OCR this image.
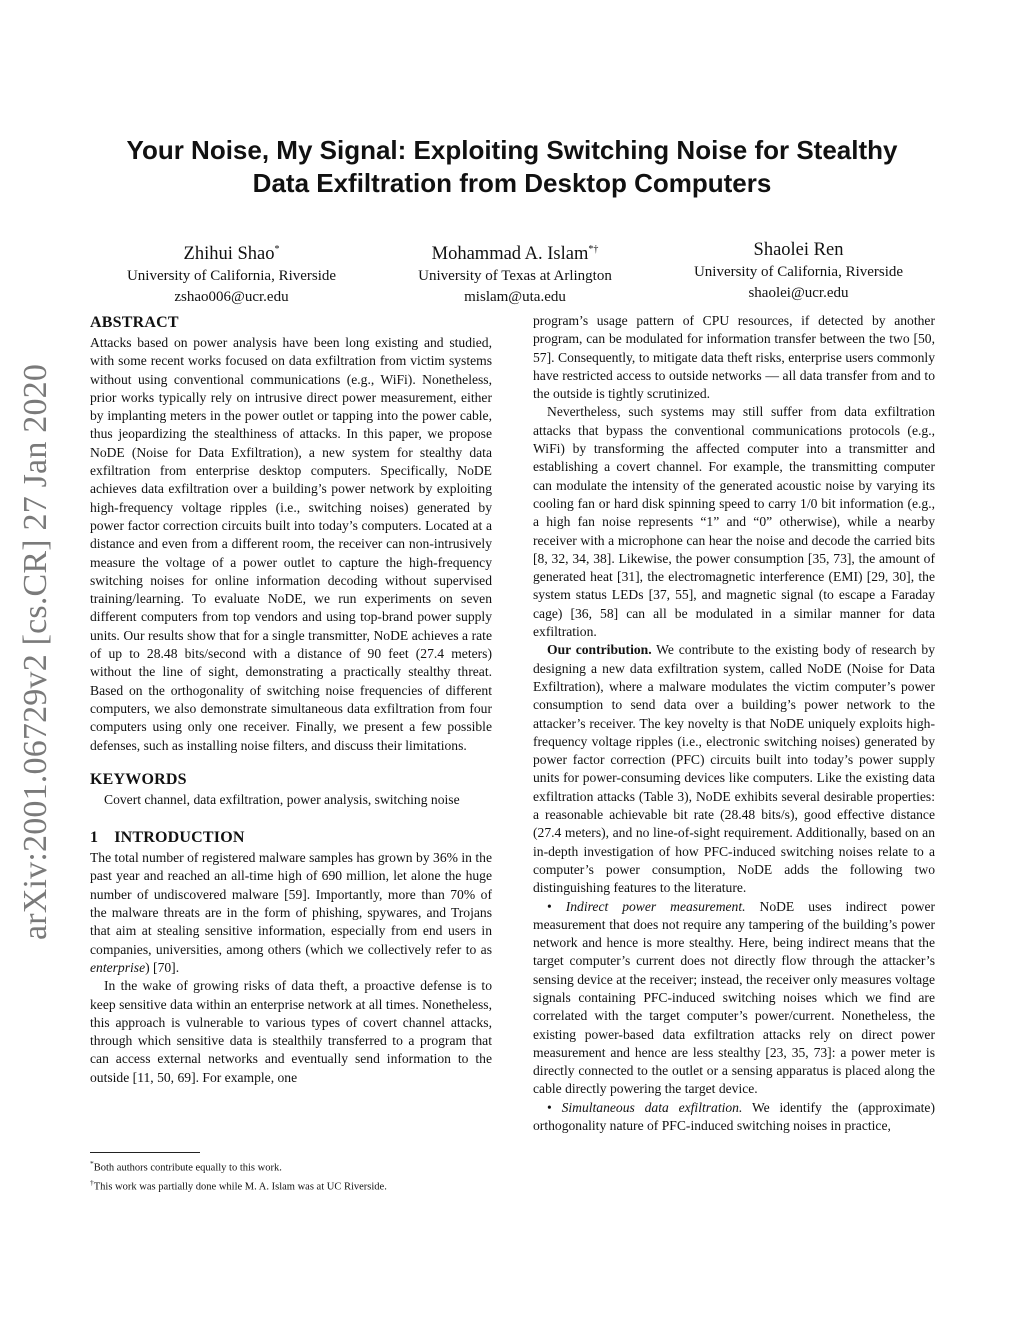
arXiv:2001.06729v2 [cs.CR] 27 Jan 2020
Your Noise, My Signal: Exploiting Switching Noise for Stealthy
Data Exfiltration from Desktop Computers
Zhihui Shao*
University of California, Riverside
zshao006@ucr.edu
Mohammad A. Islam*†
University of Texas at Arlington
mislam@uta.edu
Shaolei Ren
University of California, Riverside
shaolei@ucr.edu
ABSTRACT

Attacks based on power analysis have been long existing and studied, with some recent works focused on data exfiltration from victim systems without using conventional communications (e.g., WiFi). Nonetheless, prior works typically rely on intrusive direct power measurement, either by implanting meters in the power outlet or tapping into the power cable, thus jeopardizing the stealthiness of attacks. In this paper, we propose NoDE (Noise for Data Exfiltration), a new system for stealthy data exfiltration from enterprise desktop computers. Specifically, NoDE achieves data exfiltration over a building’s power network by exploiting high-frequency voltage ripples (i.e., switching noises) generated by power factor correction circuits built into today’s computers. Located at a distance and even from a different room, the receiver can non-intrusively measure the voltage of a power outlet to capture the high-frequency switching noises for online information decoding without supervised training/learning. To evaluate NoDE, we run experiments on seven different computers from top vendors and using top-brand power supply units. Our results show that for a single transmitter, NoDE achieves a rate of up to 28.48 bits/second with a distance of 90 feet (27.4 meters) without the line of sight, demonstrating a practically stealthy threat. Based on the orthogonality of switching noise frequencies of different computers, we also demonstrate simultaneous data exfiltration from four computers using only one receiver. Finally, we present a few possible defenses, such as installing noise filters, and discuss their limitations.

KEYWORDS

Covert channel, data exfiltration, power analysis, switching noise

1 INTRODUCTION

The total number of registered malware samples has grown by 36% in the past year and reached an all-time high of 690 million, let alone the huge number of undiscovered malware [59]. Importantly, more than 70% of the malware threats are in the form of phishing, spywares, and Trojans that aim at stealing sensitive information, especially from end users in companies, universities, among others (which we collectively refer to as enterprise) [70].

In the wake of growing risks of data theft, a proactive defense is to keep sensitive data within an enterprise network at all times. Nonetheless, this approach is vulnerable to various types of covert channel attacks, through which sensitive data is stealthily transferred to a program that can access external networks and eventually send information to the outside [11, 50, 69]. For example, one

*Both authors contribute equally to this work.
†This work was partially done while M. A. Islam was at UC Riverside.

program’s usage pattern of CPU resources, if detected by another program, can be modulated for information transfer between the two [50, 57]. Consequently, to mitigate data theft risks, enterprise users commonly have restricted access to outside networks — all data transfer from and to the outside is tightly scrutinized.

Nevertheless, such systems may still suffer from data exfiltration attacks that bypass the conventional communications protocols (e.g., WiFi) by transforming the affected computer into a transmitter and establishing a covert channel. For example, the transmitting computer can modulate the intensity of the generated acoustic noise by varying its cooling fan or hard disk spinning speed to carry 1/0 bit information (e.g., a high fan noise represents “1” and “0” otherwise), while a nearby receiver with a microphone can hear the noise and decode the carried bits [8, 32, 34, 38]. Likewise, the power consumption [35, 73], the amount of generated heat [31], the electromagnetic interference (EMI) [29, 30], the system status LEDs [37, 55], and magnetic signal (to escape a Faraday cage) [36, 58] can all be modulated in a similar manner for data exfiltration.

Our contribution. We contribute to the existing body of research by designing a new data exfiltration system, called NoDE (Noise for Data Exfiltration), where a malware modulates the victim computer’s power consumption to send data over a building’s power network to the attacker’s receiver. The key novelty is that NoDE uniquely exploits high-frequency voltage ripples (i.e., electronic switching noises) generated by power factor correction (PFC) circuits built into today’s power supply units for power-consuming devices like computers. Like the existing data exfiltration attacks (Table 3), NoDE exhibits several desirable properties: a reasonable achievable bit rate (28.48 bits/s), good effective distance (27.4 meters), and no line-of-sight requirement. Additionally, based on an in-depth investigation of how PFC-induced switching noises relate to a computer’s power consumption, NoDE adds the following two distinguishing features to the literature.

• Indirect power measurement. NoDE uses indirect power measurement that does not require any tampering of the building’s power network and hence is more stealthy. Here, being indirect means that the target computer’s current does not directly flow through the attacker’s sensing device at the receiver; instead, the receiver only measures voltage signals containing PFC-induced switching noises which we find are correlated with the target computer’s power/current. Nonetheless, the existing power-based data exfiltration attacks rely on direct power measurement and hence are less stealthy [23, 35, 73]: a power meter is directly connected to the outlet or a sensing apparatus is placed along the cable directly powering the target device.

• Simultaneous data exfiltration. We identify the (approximate) orthogonality nature of PFC-induced switching noises in practice,
